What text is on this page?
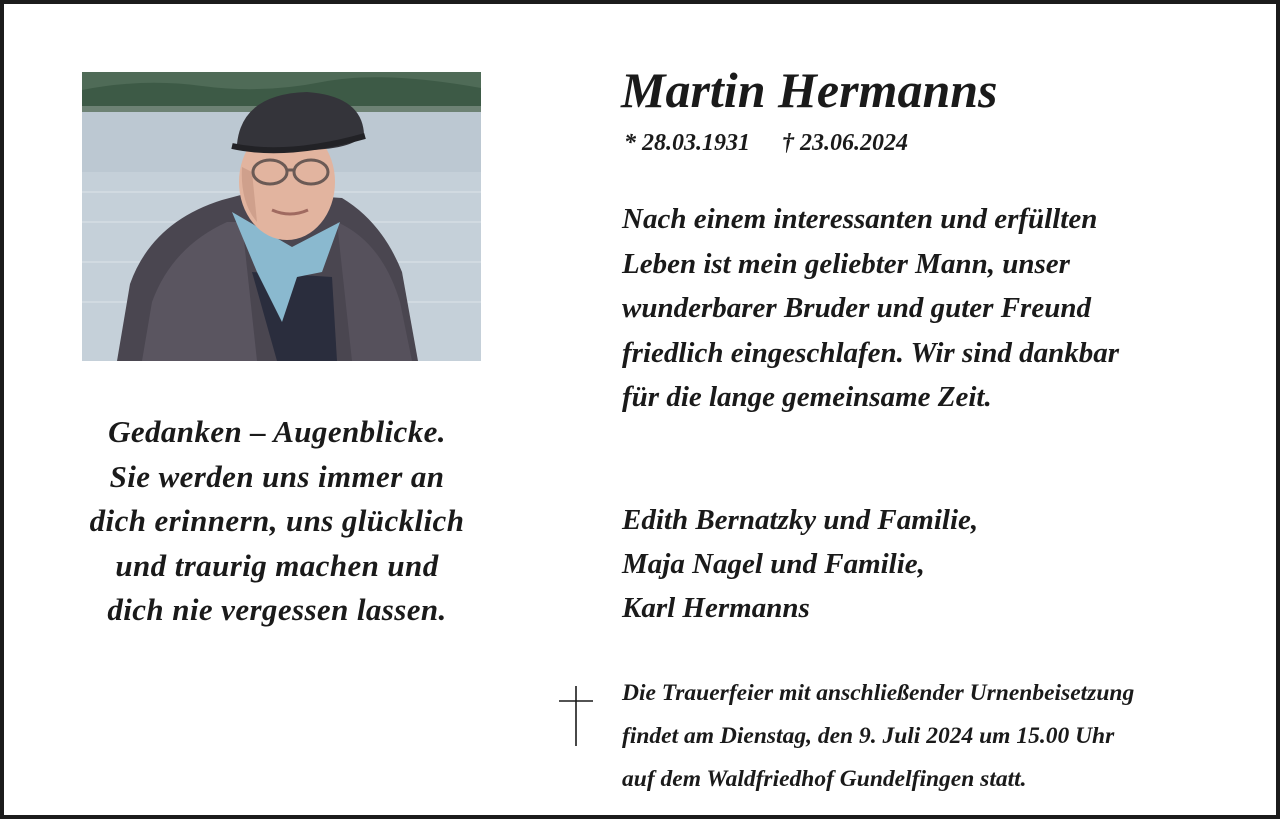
Gedanken – Augenblicke.
Sie werden uns immer an
dich erinnern, uns glücklich
und traurig machen und
dich nie vergessen lassen.
Martin Hermanns
* 28.03.1931 † 23.06.2024
Nach einem interessanten und erfüllten
Leben ist mein geliebter Mann, unser
wunderbarer Bruder und guter Freund
friedlich eingeschlafen. Wir sind dankbar
für die lange gemeinsame Zeit.
Edith Bernatzky und Familie,
Maja Nagel und Familie,
Karl Hermanns
Die Trauerfeier mit anschließender Urnenbeisetzung
findet am Dienstag, den 9. Juli 2024 um 15.00 Uhr
auf dem Waldfriedhof Gundelfingen statt.
